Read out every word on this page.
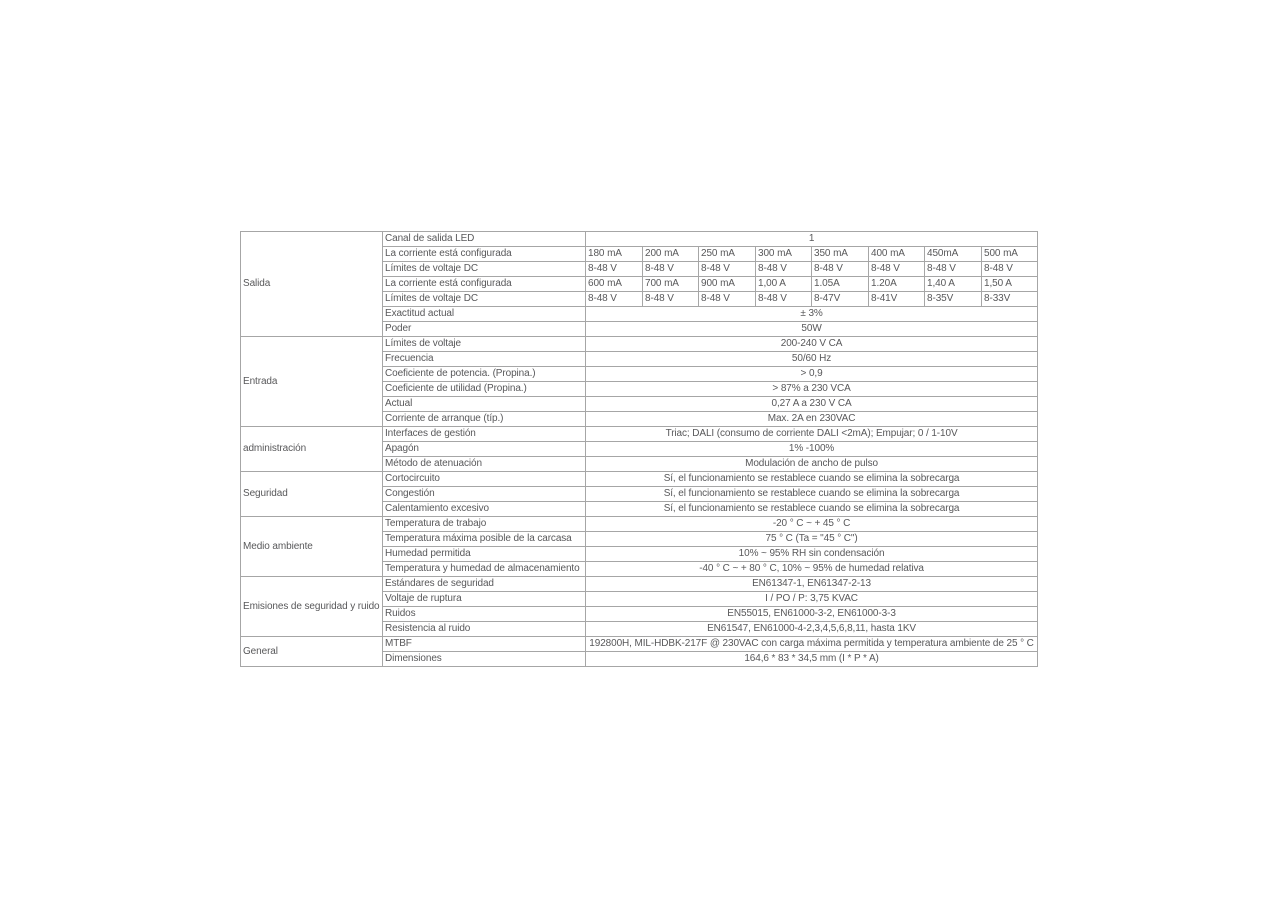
Salida	Canal de salida LED	1							
	La corriente está configurada	180 mA	200 mA	250 mA	300 mA	350 mA	400 mA	450mA	500 mA
	Límites de voltaje DC	8-48 V	8-48 V	8-48 V	8-48 V	8-48 V	8-48 V	8-48 V	8-48 V
	La corriente está configurada	600 mA	700 mA	900 mA	1,00 A	1.05A	1.20A	1,40 A	1,50 A
	Límites de voltaje DC	8-48 V	8-48 V	8-48 V	8-48 V	8-47V	8-41V	8-35V	8-33V
	Exactitud actual	± 3%							
	Poder	50W							
Entrada	Límites de voltaje	200-240 V CA							
	Frecuencia	50/60 Hz							
	Coeficiente de potencia. (Propina.)	> 0,9							
	Coeficiente de utilidad (Propina.)	> 87% a 230 VCA							
	Actual	0,27 A a 230 V CA							
	Corriente de arranque (típ.)	Max. 2A en 230VAC							
administración	Interfaces de gestión	Triac; DALI (consumo de corriente DALI <2mA); Empujar; 0 / 1-10V							
	Apagón	1% -100%							
	Método de atenuación	Modulación de ancho de pulso							
Seguridad	Cortocircuito	Sí, el funcionamiento se restablece cuando se elimina la sobrecarga							
	Congestión	Sí, el funcionamiento se restablece cuando se elimina la sobrecarga							
	Calentamiento excesivo	Sí, el funcionamiento se restablece cuando se elimina la sobrecarga							
Medio ambiente	Temperatura de trabajo	-20 ° C ~ + 45 ° C							
	Temperatura máxima posible de la carcasa	75 ° C (Ta = "45 ° C")							
	Humedad permitida	10% ~ 95% RH sin condensación							
	Temperatura y humedad de almacenamiento	-40 ° C ~ + 80 ° C, 10% ~ 95% de humedad relativa							
Emisiones de seguridad y ruido	Estándares de seguridad	EN61347-1, EN61347-2-13							
	Voltaje de ruptura	I / PO / P: 3,75 KVAC							
	Ruidos	EN55015, EN61000-3-2, EN61000-3-3							
	Resistencia al ruido	EN61547, EN61000-4-2,3,4,5,6,8,11, hasta 1KV							
General	MTBF	192800H, MIL-HDBK-217F @ 230VAC con carga máxima permitida y temperatura ambiente de 25 ° C							
	Dimensiones	164,6 * 83 * 34,5 mm (I * P * A)							
